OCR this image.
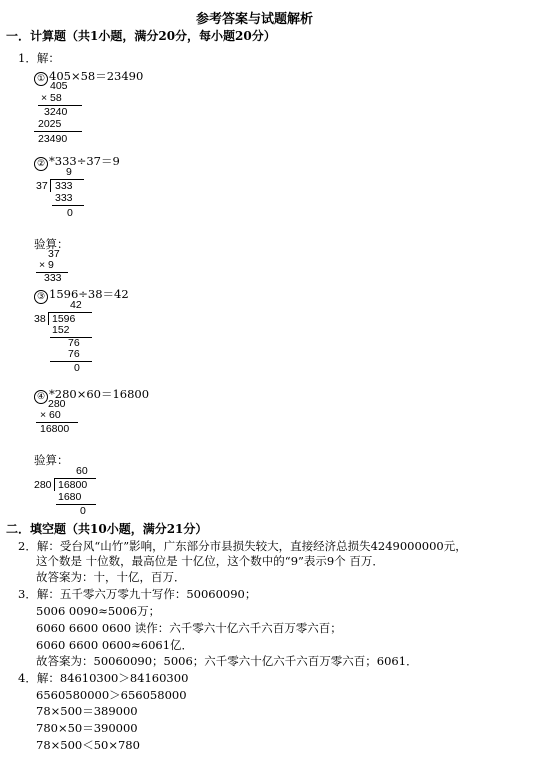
参考答案与试题解析
一．计算题（共1小题，满分20分，每小题20分）
1．解：
① 405×58＝23490
405
× 58
3240
2025
23490
② *333÷37＝9
9
37 333
333
0
验算：
37
× 9
333
③ 1596÷38＝42
42
38 1596
152
76
76
0
④ *280×60＝16800
280
× 60
16800
验算：
60
280 16800
1680
0
二．填空题（共10小题，满分21分）
2．解：受台风“山竹”影响，广东部分市县损失较大，直接经济总损失4249000000元，
这个数是 十位数，最高位是 十亿位，这个数中的“9”表示9个 百万．
故答案为：十，十亿，百万．
3．解：五千零六万零九十写作：50060090；
5006 0090≈5006万；
6060 6600 0600 读作：六千零六十亿六千六百万零六百；
6060 6600 0600≈6061亿．
故答案为：50060090；5006；六千零六十亿六千六百万零六百；6061．
4．解：84610300＞84160300
6560580000＞656058000
78×500＝389000
780×50＝390000
78×500＜50×780
